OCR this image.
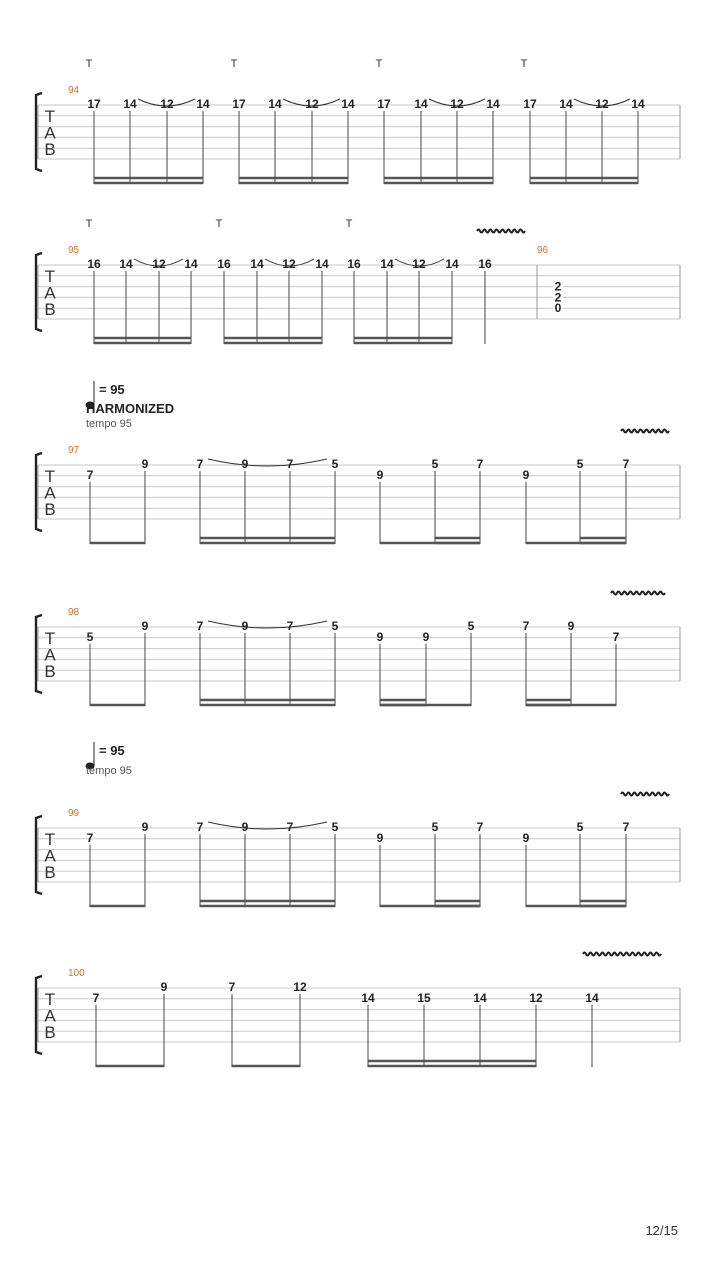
T
A
B
94
T	T	T	T
17 14 12 14 17 14 12 14 17 14 12 14 17 14 12 14
T
A
B
95
T	T	T
16 14 12 14 16 14 12 14 16 14 12 14 16
96
2
2
0
T
A
B
= 95
HARMONIZED
tempo 95
97
7
9	7	9	7	5
9
5	7
9
5	7
T
A
B
98
5
9	7	9	7	5
9	9
5	7	9
7
T
A
B
= 95
tempo 95
99
7
9	7	9	7	5
9
5	7
9
5	7
T
A
B
100
7
9	7	12
14	15	14	12	14
12/15
